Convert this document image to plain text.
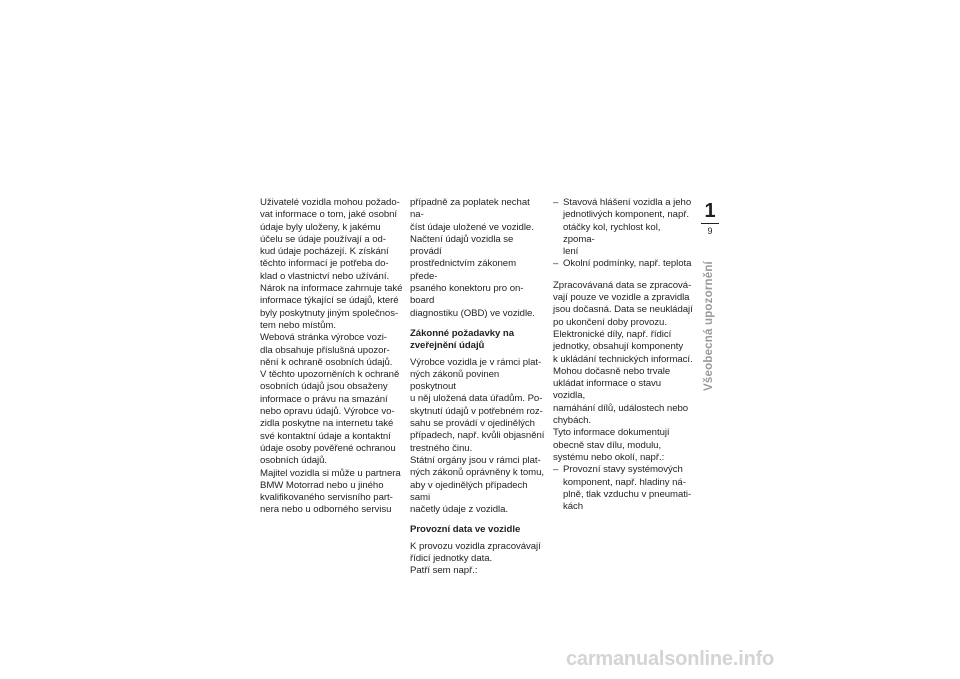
Uživatelé vozidla mohou požado-
vat informace o tom, jaké osobní
údaje byly uloženy, k jakému
účelu se údaje používají a od-
kud údaje pocházejí. K získání
těchto informací je potřeba do-
klad o vlastnictví nebo užívání.
Nárok na informace zahrnuje také
informace týkající se údajů, které
byly poskytnuty jiným společnos-
tem nebo místům.

Webová stránka výrobce vozi-
dla obsahuje příslušná upozor-
nění k ochraně osobních údajů.

V těchto upozorněních k ochraně
osobních údajů jsou obsaženy
informace o právu na smazání
nebo opravu údajů. Výrobce vo-
zidla poskytne na internetu také
své kontaktní údaje a kontaktní
údaje osoby pověřené ochranou
osobních údajů.

Majitel vozidla si může u partnera
BMW Motorrad nebo u jiného
kvalifikovaného servisního part-
nera nebo u odborného servisu

případně za poplatek nechat na-
číst údaje uložené ve vozidle.

Načtení údajů vozidla se provádí
prostřednictvím zákonem přede-
psaného konektoru pro on-board
diagnostiku (OBD) ve vozidle.

Zákonné požadavky na
zveřejnění údajů

Výrobce vozidla je v rámci plat-
ných zákonů povinen poskytnout
u něj uložená data úřadům. Po-
skytnutí údajů v potřebném roz-
sahu se provádí v ojedinělých
případech, např. kvůli objasnění
trestného činu.

Státní orgány jsou v rámci plat-
ných zákonů oprávněny k tomu,
aby v ojedinělých případech sami
načetly údaje z vozidla.

Provozní data ve vozidle

K provozu vozidla zpracovávají
řídicí jednotky data.

Patří sem např.:

– Stavová hlášení vozidla a jeho
jednotlivých komponent, např.
otáčky kol, rychlost kol, zpoma-
lení
– Okolní podmínky, např. teplota

Zpracovávaná data se zpracová-
vají pouze ve vozidle a zpravidla
jsou dočasná. Data se neukládají
po ukončení doby provozu.

Elektronické díly, např. řídicí
jednotky, obsahují komponenty
k ukládání technických informací.
Mohou dočasně nebo trvale
ukládat informace o stavu vozidla,
namáhání dílů, událostech nebo
chybách.

Tyto informace dokumentují
obecně stav dílu, modulu,
systému nebo okolí, např.:

– Provozní stavy systémových
komponent, např. hladiny ná-
plně, tlak vzduchu v pneumati-
kách
1
9
Všeobecná upozornění
carmanualsonline.info
